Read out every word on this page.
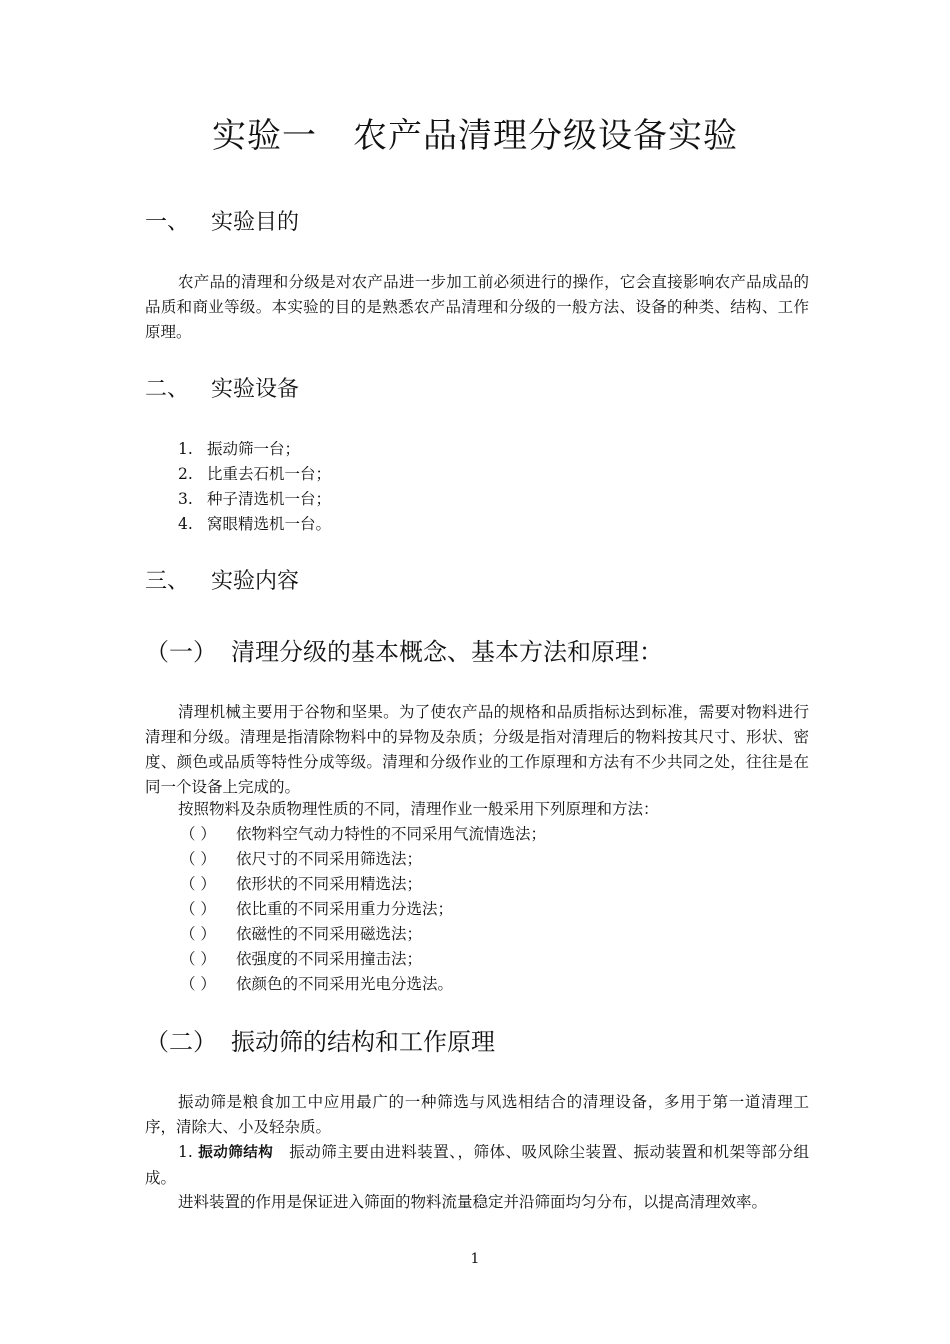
实验一 农产品清理分级设备实验
一、 实验目的

农产品的清理和分级是对农产品进一步加工前必须进行的操作，它会直接影响农产品成品的品质和商业等级。本实验的目的是熟悉农产品清理和分级的一般方法、设备的种类、结构、工作原理。

二、 实验设备
1. 振动筛一台；
2. 比重去石机一台；
3. 种子清选机一台；
4. 窝眼精选机一台。
三、 实验内容
（一） 清理分级的基本概念、基本方法和原理：

清理机械主要用于谷物和坚果。为了使农产品的规格和品质指标达到标准，需要对物料进行清理和分级。清理是指清除物料中的异物及杂质；分级是指对清理后的物料按其尺寸、形状、密度、颜色或品质等特性分成等级。清理和分级作业的工作原理和方法有不少共同之处，往往是在同一个设备上完成的。

按照物料及杂质物理性质的不同，清理作业一般采用下列原理和方法：
（ ） 依物料空气动力特性的不同采用气流情选法；
（ ） 依尺寸的不同采用筛选法；
（ ） 依形状的不同采用精选法；
（ ） 依比重的不同采用重力分选法；
（ ） 依磁性的不同采用磁选法；
（ ） 依强度的不同采用撞击法；
（ ） 依颜色的不同采用光电分选法。
（二） 振动筛的结构和工作原理

振动筛是粮食加工中应用最广的一种筛选与风选相结合的清理设备，多用于第一道清理工序，清除大、小及轻杂质。

1. 振动筛结构  振动筛主要由进料装置、，筛体、吸风除尘装置、振动装置和机架等部分组成。

进料装置的作用是保证进入筛面的物料流量稳定并沿筛面均匀分布，以提高清理效率。

1
